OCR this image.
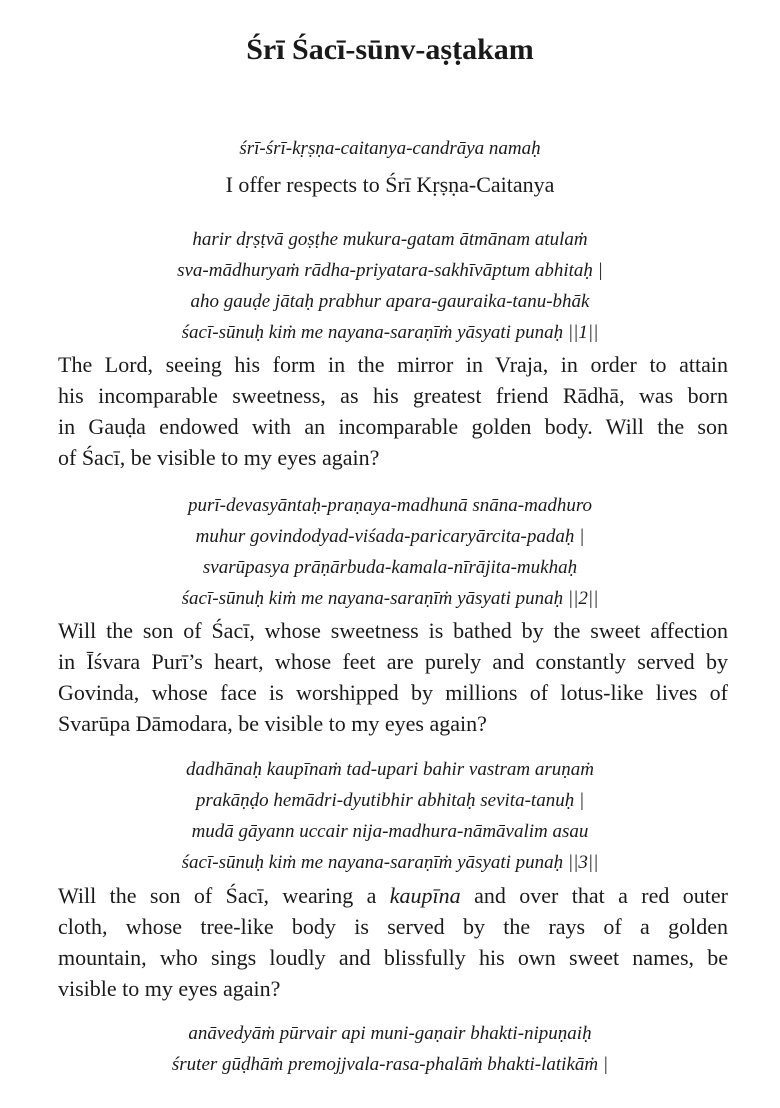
Śrī Śacī-sūnv-aṣṭakam
śrī-śrī-kṛṣṇa-caitanya-candrāya namaḥ
I offer respects to Śrī Kṛṣṇa-Caitanya
harir dṛṣṭvā goṣṭhe mukura-gatam ātmānam atulaṁ
sva-mādhuryaṁ rādha-priyatara-sakhīvāptum abhitaḥ |
aho gauḍe jātaḥ prabhur apara-gauraika-tanu-bhāk
śacī-sūnuḥ kiṁ me nayana-saraṇīṁ yāsyati punaḥ ||1||
The Lord, seeing his form in the mirror in Vraja, in order to attain
his incomparable sweetness, as his greatest friend Rādhā, was born
in Gauḍa endowed with an incomparable golden body. Will the son
of Śacī, be visible to my eyes again?
purī-devasyāntaḥ-praṇaya-madhunā snāna-madhuro
muhur govindodyad-viśada-paricaryārcita-padaḥ |
svarūpasya prāṇārbuda-kamala-nīrājita-mukhaḥ
śacī-sūnuḥ kiṁ me nayana-saraṇīṁ yāsyati punaḥ ||2||
Will the son of Śacī, whose sweetness is bathed by the sweet affection
in Īśvara Purī’s heart, whose feet are purely and constantly served by
Govinda, whose face is worshipped by millions of lotus-like lives of
Svarūpa Dāmodara, be visible to my eyes again?
dadhānaḥ kaupīnaṁ tad-upari bahir vastram aruṇaṁ
prakāṇḍo hemādri-dyutibhir abhitaḥ sevita-tanuḥ |
mudā gāyann uccair nija-madhura-nāmāvalim asau
śacī-sūnuḥ kiṁ me nayana-saraṇīṁ yāsyati punaḥ ||3||
Will the son of Śacī, wearing a kaupīna and over that a red outer
cloth, whose tree-like body is served by the rays of a golden
mountain, who sings loudly and blissfully his own sweet names, be
visible to my eyes again?
anāvedyāṁ pūrvair api muni-gaṇair bhakti-nipuṇaiḥ
śruter gūḍhāṁ premojjvala-rasa-phalāṁ bhakti-latikāṁ |
